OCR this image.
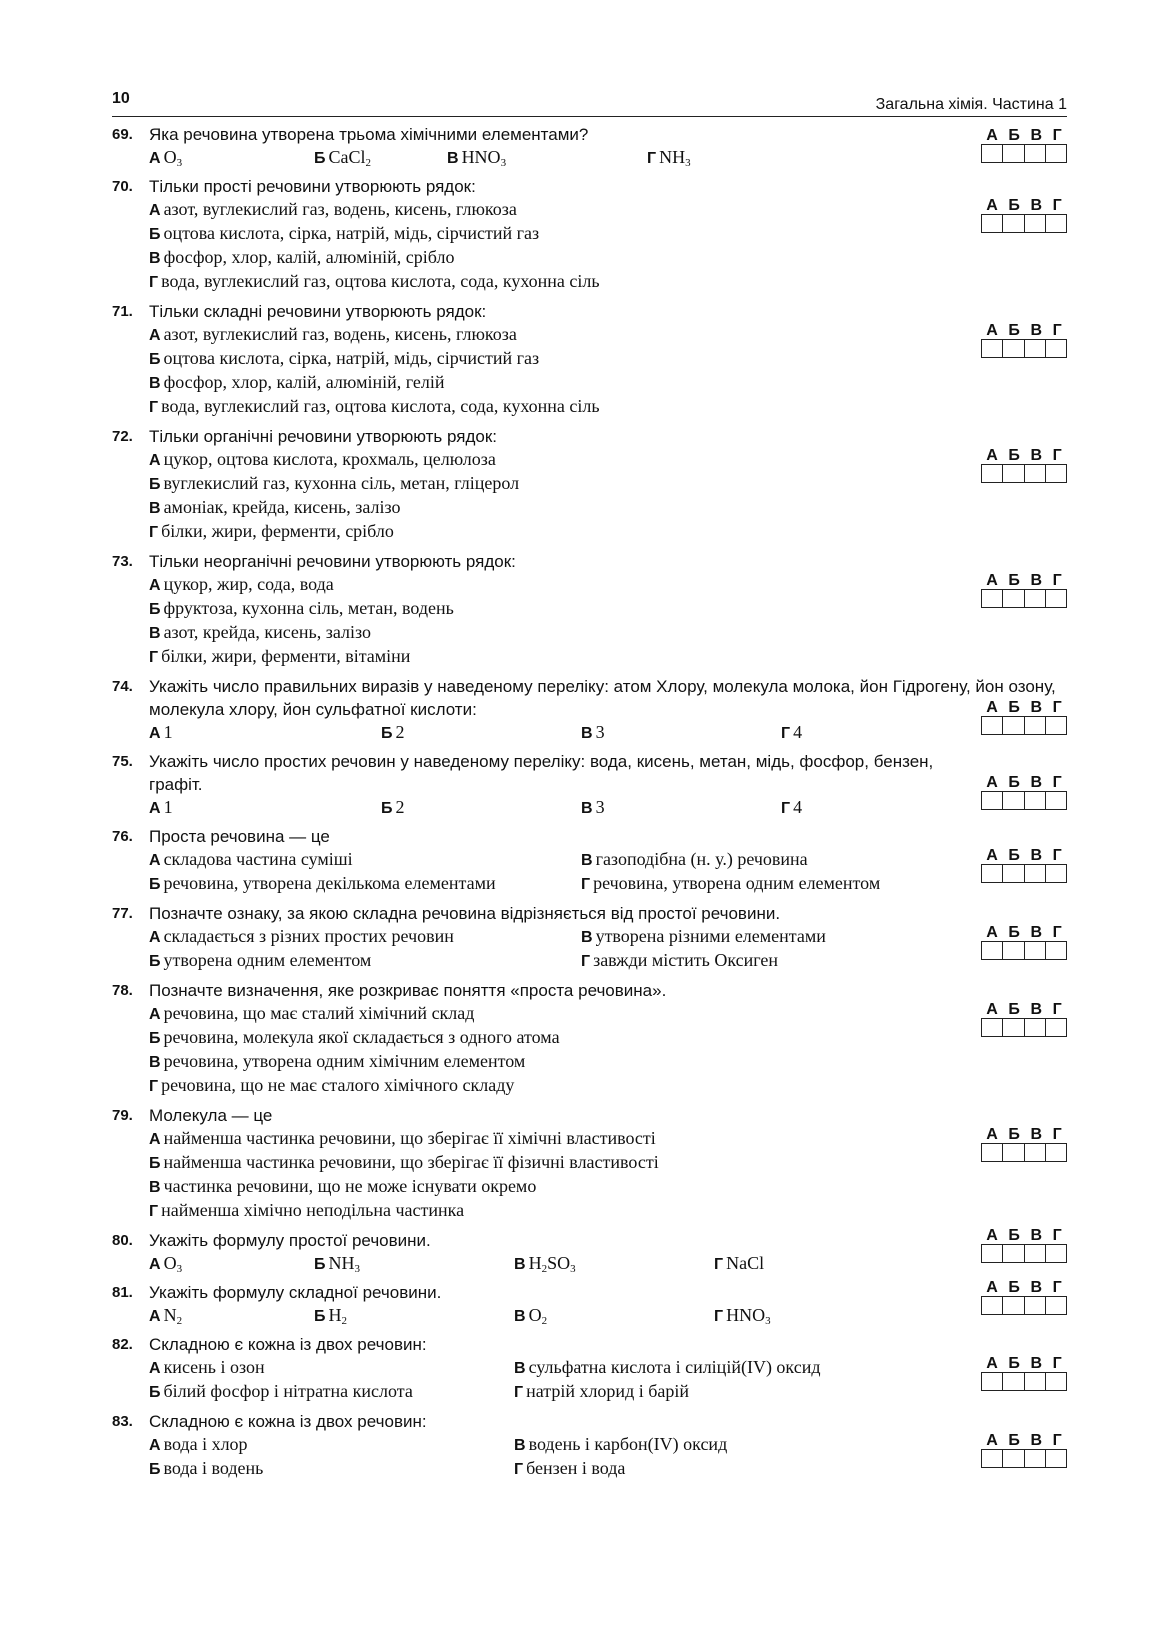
10	Загальна хімія. Частина 1
69. Яка речовина утворена трьома хімічними елементами?
А $O_3$	Б CaCl$_2$	В $HNO_3$	Г $NH_3$
А Б В Г
70. Тільки прості речовини утворюють рядок:
А азот, вуглекислий газ, водень, кисень, глюкоза
Б оцтова кислота, сірка, натрій, мідь, сірчистий газ
В фосфор, хлор, калій, алюміній, срібло
Г вода, вуглекислий газ, оцтова кислота, сода, кухонна сіль
А Б В Г
71. Тільки складні речовини утворюють рядок:
А азот, вуглекислий газ, водень, кисень, глюкоза
Б оцтова кислота, сірка, натрій, мідь, сірчистий газ
В фосфор, хлор, калій, алюміній, гелій
Г вода, вуглекислий газ, оцтова кислота, сода, кухонна сіль
А Б В Г
72. Тільки органічні речовини утворюють рядок:
А цукор, оцтова кислота, крохмаль, целюлоза
Б вуглекислий газ, кухонна сіль, метан, гліцерол
В амоніак, крейда, кисень, залізо
Г білки, жири, ферменти, срібло
А Б В Г
73. Тільки неорганічні речовини утворюють рядок:
А цукор, жир, сода, вода
Б фруктоза, кухонна сіль, метан, водень
В азот, крейда, кисень, залізо
Г білки, жири, ферменти, вітаміни
А Б В Г
74. Укажіть число правильних виразів у наведеному переліку: атом Хлору, молекула молока, йон Гідрогену, йон озону, молекула хлору, йон сульфатної кислоти:
А 1	Б 2	В 3	Г 4
А Б В Г
75. Укажіть число простих речовин у наведеному переліку: вода, кисень, метан, мідь, фосфор, бензен, графіт.
А 1	Б 2	В 3	Г 4
А Б В Г
76. Проста речовина — це
А складова частина суміші	В газоподібна (н. у.) речовина
Б речовина, утворена декількома елементами	Г речовина, утворена одним елементом
А Б В Г
77. Позначте ознаку, за якою складна речовина відрізняється від простої речовини.
А складається з різних простих речовин	В утворена різними елементами
Б утворена одним елементом	Г завжди містить Оксиген
А Б В Г
78. Позначте визначення, яке розкриває поняття «проста речовина».
А речовина, що має сталий хімічний склад
Б речовина, молекула якої складається з одного атома
В речовина, утворена одним хімічним елементом
Г речовина, що не має сталого хімічного складу
А Б В Г
79. Молекула — це
А найменша частинка речовини, що зберігає її хімічні властивості
Б найменша частинка речовини, що зберігає її фізичні властивості
В частинка речовини, що не може існувати окремо
Г найменша хімічно неподільна частинка
А Б В Г
80. Укажіть формулу простої речовини.
А $O_3$	Б $NH_3$	В $H_2SO_3$	Г NaCl
А Б В Г
81. Укажіть формулу складної речовини.
А $N_2$	Б $H_2$	В $O_2$	Г $HNO_3$
А Б В Г
82. Складною є кожна із двох речовин:
А кисень і озон	В сульфатна кислота і силіцій(IV) оксид
Б білий фосфор і нітратна кислота	Г натрій хлорид і барій
А Б В Г
83. Складною є кожна із двох речовин:
А вода і хлор	В водень і карбон(IV) оксид
Б вода і водень	Г бензен і вода
А Б В Г
